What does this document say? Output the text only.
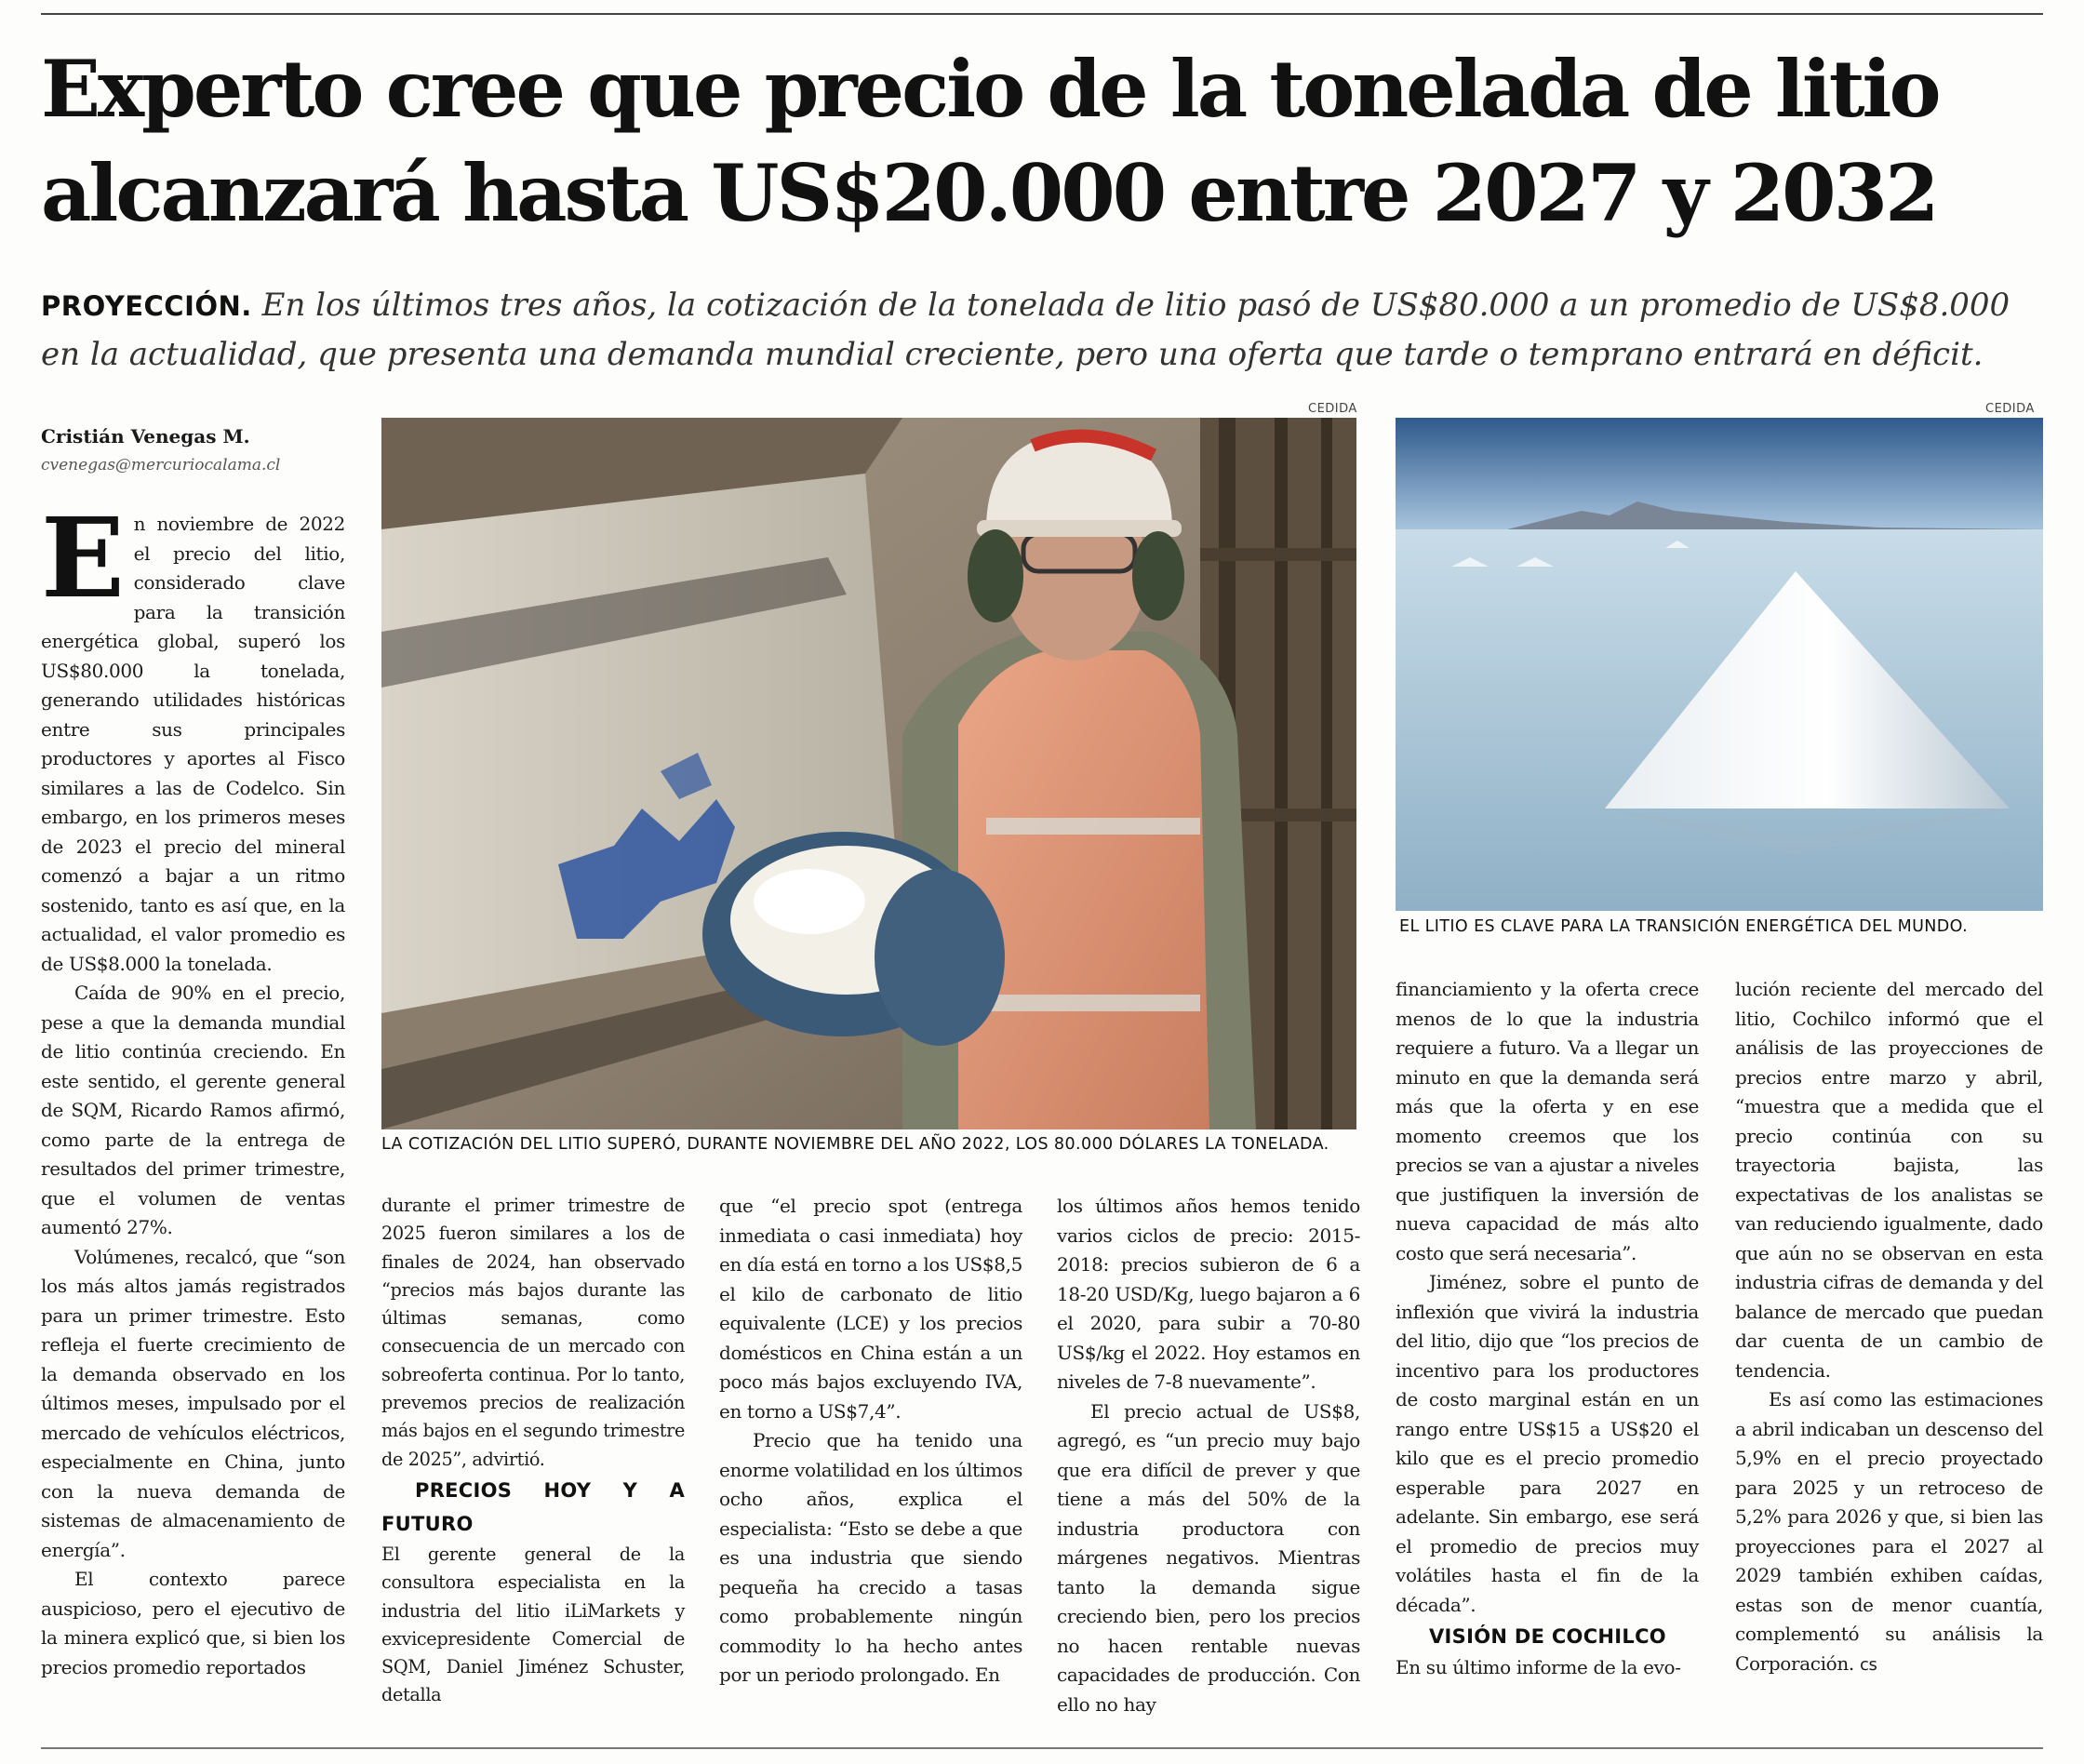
Experto cree que precio de la tonelada de litio alcanzará hasta US$20.000 entre 2027 y 2032

PROYECCIÓN. En los últimos tres años, la cotización de la tonelada de litio pasó de US$80.000 a un promedio de US$8.000 en la actualidad, que presenta una demanda mundial creciente, pero una oferta que tarde o temprano entrará en déficit.

Cristián Venegas M.
cvenegas@mercuriocalama.cl
CEDIDA
LA COTIZACIÓN DEL LITIO SUPERÓ, DURANTE NOVIEMBRE DEL AÑO 2022, LOS 80.000 DÓLARES LA TONELADA.
CEDIDA
EL LITIO ES CLAVE PARA LA TRANSICIÓN ENERGÉTICA DEL MUNDO.

En noviembre de 2022 el precio del litio, considerado clave para la transición energética global, superó los US$80.000 la tonelada, generando utilidades históricas entre sus principales productores y aportes al Fisco similares a las de Codelco. Sin embargo, en los primeros meses de 2023 el precio del mineral comenzó a bajar a un ritmo sostenido, tanto es así que, en la actualidad, el valor promedio es de US$8.000 la tonelada.

Caída de 90% en el precio, pese a que la demanda mundial de litio continúa creciendo. En este sentido, el gerente general de SQM, Ricardo Ramos afirmó, como parte de la entrega de resultados del primer trimestre, que el volumen de ventas aumentó 27%.

Volúmenes, recalcó, que “son los más altos jamás registrados para un primer trimestre. Esto refleja el fuerte crecimiento de la demanda observado en los últimos meses, impulsado por el mercado de vehículos eléctricos, especialmente en China, junto con la nueva demanda de sistemas de almacenamiento de energía”.

El contexto parece auspicioso, pero el ejecutivo de la minera explicó que, si bien los precios promedio reportados

durante el primer trimestre de 2025 fueron similares a los de finales de 2024, han observado “precios más bajos durante las últimas semanas, como consecuencia de un mercado con sobreoferta continua. Por lo tanto, prevemos precios de realización más bajos en el segundo trimestre de 2025”, advirtió.

PRECIOS HOY Y A FUTURO

El gerente general de la consultora especialista en la industria del litio iLiMarkets y exvicepresidente Comercial de SQM, Daniel Jiménez Schuster, detalla

que “el precio spot (entrega inmediata o casi inmediata) hoy en día está en torno a los US$8,5 el kilo de carbonato de litio equivalente (LCE) y los precios domésticos en China están a un poco más bajos excluyendo IVA, en torno a US$7,4”.

Precio que ha tenido una enorme volatilidad en los últimos ocho años, explica el especialista: “Esto se debe a que es una industria que siendo pequeña ha crecido a tasas como probablemente ningún commodity lo ha hecho antes por un periodo prolongado. En

los últimos años hemos tenido varios ciclos de precio: 2015-2018: precios subieron de 6 a 18-20 USD/Kg, luego bajaron a 6 el 2020, para subir a 70-80 US$/kg el 2022. Hoy estamos en niveles de 7-8 nuevamente”.

El precio actual de US$8, agregó, es “un precio muy bajo que era difícil de prever y que tiene a más del 50% de la industria productora con márgenes negativos. Mientras tanto la demanda sigue creciendo bien, pero los precios no hacen rentable nuevas capacidades de producción. Con ello no hay

financiamiento y la oferta crece menos de lo que la industria requiere a futuro. Va a llegar un minuto en que la demanda será más que la oferta y en ese momento creemos que los precios se van a ajustar a niveles que justifiquen la inversión de nueva capacidad de más alto costo que será necesaria”.

Jiménez, sobre el punto de inflexión que vivirá la industria del litio, dijo que “los precios de incentivo para los productores de costo marginal están en un rango entre US$15 a US$20 el kilo que es el precio promedio esperable para 2027 en adelante. Sin embargo, ese será el promedio de precios muy volátiles hasta el fin de la década”.

VISIÓN DE COCHILCO

En su último informe de la evo-

lución reciente del mercado del litio, Cochilco informó que el análisis de las proyecciones de precios entre marzo y abril, “muestra que a medida que el precio continúa con su trayectoria bajista, las expectativas de los analistas se van reduciendo igualmente, dado que aún no se observan en esta industria cifras de demanda y del balance de mercado que puedan dar cuenta de un cambio de tendencia.

Es así como las estimaciones a abril indicaban un descenso del 5,9% en el precio proyectado para 2025 y un retroceso de 5,2% para 2026 y que, si bien las proyecciones para el 2027 al 2029 también exhiben caídas, estas son de menor cuantía, complementó su análisis la Corporación. cs
